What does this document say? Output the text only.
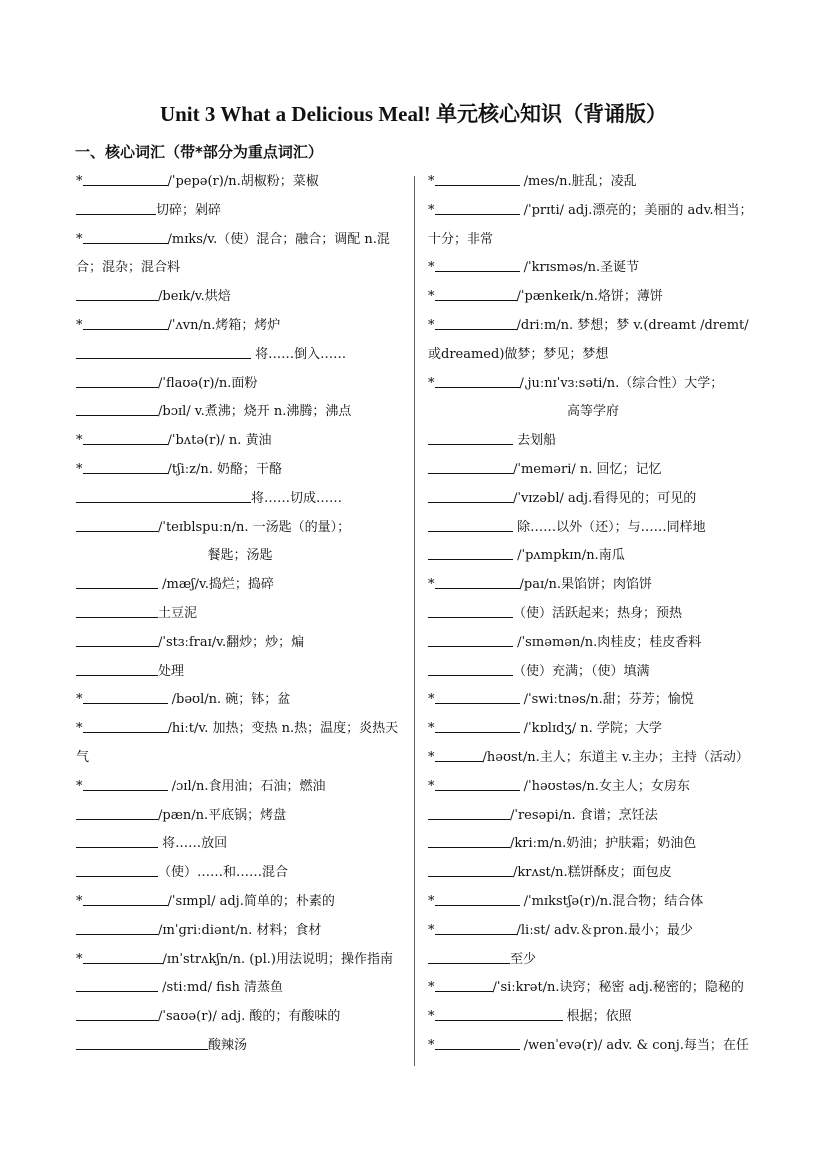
Unit 3 What a Delicious Meal! 单元核心知识（背诵版）
一、核心词汇（带*部分为重点词汇）
*	/ˈpepə(r)/n.胡椒粉；菜椒
切碎；剁碎
*	/mɪks/v.（使）混合；融合；调配 n.混合；混杂；混合料
/beɪk/v.烘焙
*	/ˈʌvn/n.烤箱；烤炉
将……倒入……
/ˈflaʊə(r)/n.面粉
/bɔɪl/ v.煮沸；烧开 n.沸腾；沸点
*	/ˈbʌtə(r)/ n. 黄油
*	/tʃiːz/n. 奶酪；干酪
将……切成……
/ˈteɪblspuːn/n. 一汤匙（的量）；
餐匙；汤匙
/mæʃ/v.捣烂；捣碎
土豆泥
/ˈstɜːfraɪ/v.翻炒；炒；煸
处理
*	/bəʊl/n. 碗；钵；盆
*	/hiːt/v. 加热；变热 n.热；温度；炎热天气
*	/ɔɪl/n.食用油；石油；燃油
/pæn/n.平底锅；烤盘
将……放回
（使）……和……混合
*	/ˈsɪmpl/ adj.简单的；朴素的
/ɪnˈɡriːdiənt/n. 材料；食材
*	/ɪnˈstrʌkʃn/n. (pl.)用法说明；操作指南
/stiːmd/ fish 清蒸鱼
/ˈsaʊə(r)/ adj. 酸的；有酸味的
酸辣汤
*	/mes/n.脏乱；凌乱
*	/ˈprɪti/ adj.漂亮的；美丽的 adv.相当；十分；非常
*	/ˈkrɪsməs/n.圣诞节
*	/ˈpænkeɪk/n.烙饼；薄饼
*	/driːm/n. 梦想；梦 v.(dreamt /dremt/或dreamed)做梦；梦见；梦想
*	/ˌjuːnɪˈvɜːsəti/n.（综合性）大学；
高等学府
去划船
/ˈmeməri/ n. 回忆；记忆
/ˈvɪzəbl/ adj.看得见的；可见的
除……以外（还）；与……同样地
/ˈpʌmpkɪn/n.南瓜
*	/paɪ/n.果馅饼；肉馅饼
（使）活跃起来；热身；预热
/ˈsɪnəmən/n.肉桂皮；桂皮香料
（使）充满；（使）填满
*	/ˈswiːtnəs/n.甜；芬芳；愉悦
*	/ˈkɒlɪdʒ/ n. 学院；大学
*	/həʊst/n.主人；东道主 v.主办；主持（活动）
*	/ˈhəʊstəs/n.女主人；女房东
/ˈresəpi/n. 食谱；烹饪法
/kriːm/n.奶油；护肤霜；奶油色
/krʌst/n.糕饼酥皮；面包皮
*	/ˈmɪkstʃə(r)/n.混合物；结合体
*	/liːst/ adv.＆pron.最小；最少
至少
*	/ˈsiːkrət/n.诀窍；秘密 adj.秘密的；隐秘的
*	根据；依照
*	/wenˈevə(r)/ adv. & conj.每当；在任
